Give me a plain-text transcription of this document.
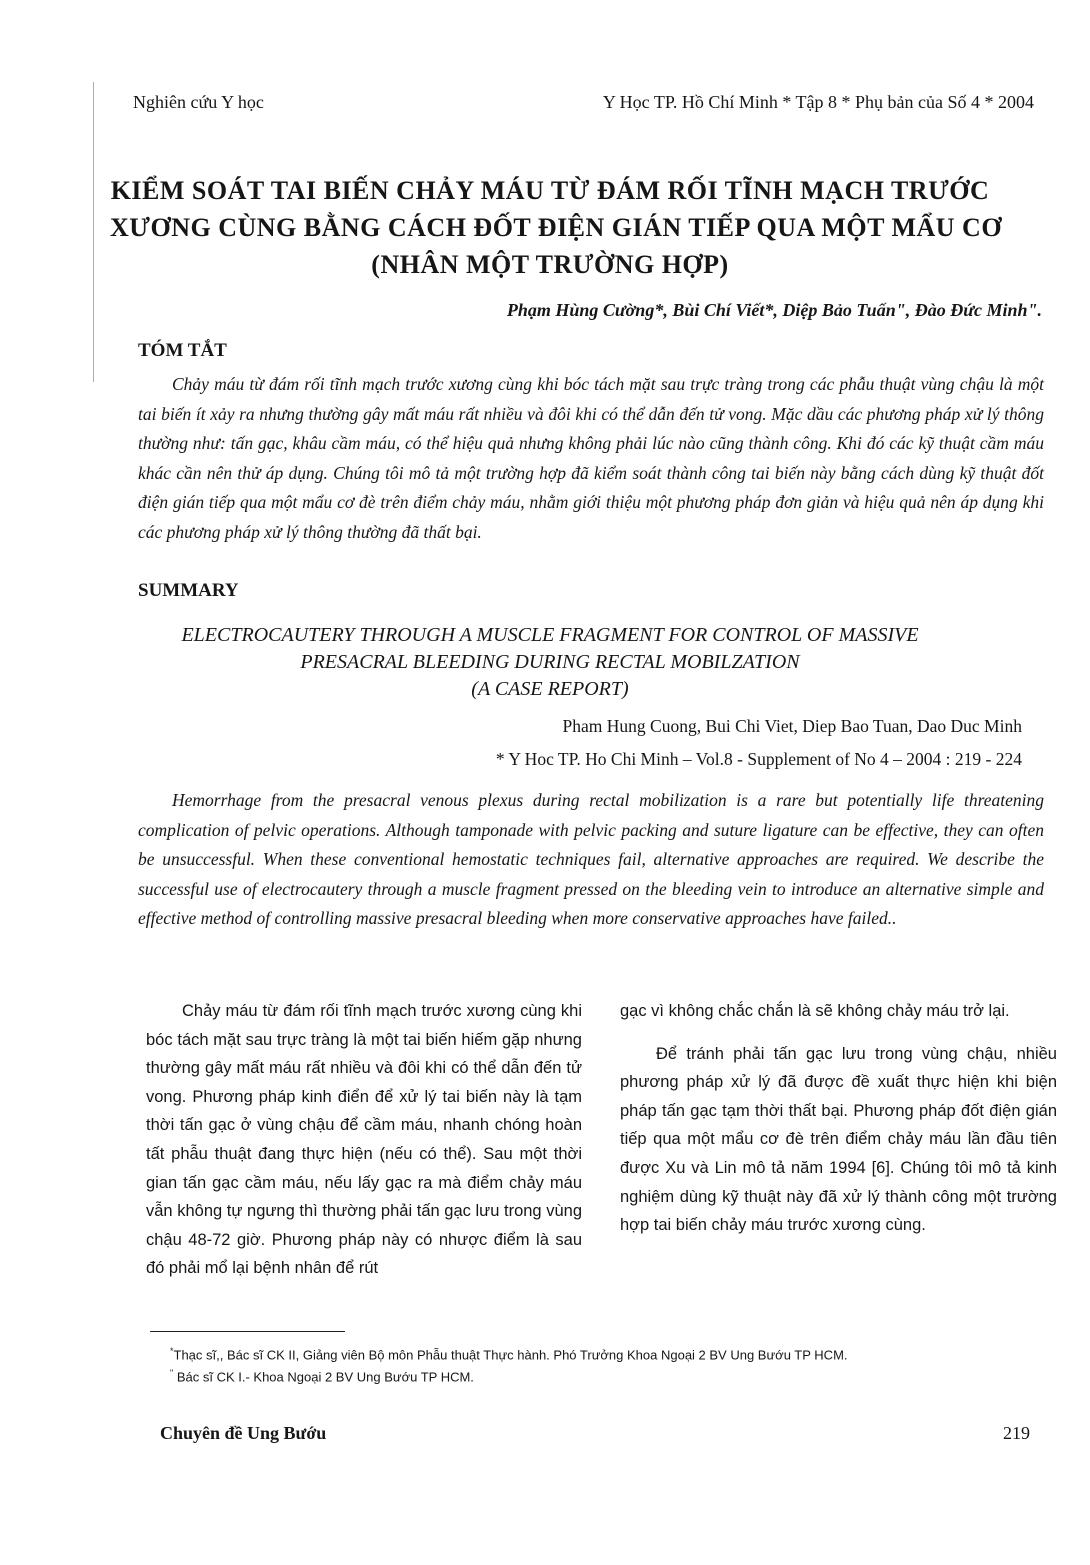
Nghiên cứu Y học	Y Học TP. Hồ Chí Minh * Tập 8 * Phụ bản của Số 4 * 2004
KIỂM SOÁT TAI BIẾN CHẢY MÁU TỪ ĐÁM RỐI TĨNH MẠCH TRƯỚC
XƯƠNG CÙNG BẰNG CÁCH ĐỐT ĐIỆN GIÁN TIẾP QUA MỘT MẨU CƠ
(NHÂN MỘT TRƯỜNG HỢP)
Phạm Hùng Cường*, Bùi Chí Viết*, Diệp Bảo Tuấn", Đào Đức Minh".
TÓM TẮT
Chảy máu từ đám rối tĩnh mạch trước xương cùng khi bóc tách mặt sau trực tràng trong các phẫu thuật vùng chậu là một tai biến ít xảy ra nhưng thường gây mất máu rất nhiều và đôi khi có thể dẫn đến tử vong. Mặc dầu các phương pháp xử lý thông thường như: tấn gạc, khâu cầm máu, có thể hiệu quả nhưng không phải lúc nào cũng thành công. Khi đó các kỹ thuật cầm máu khác cần nên thử áp dụng. Chúng tôi mô tả một trường hợp đã kiểm soát thành công tai biến này bằng cách dùng kỹ thuật đốt điện gián tiếp qua một mẩu cơ đè trên điểm chảy máu, nhằm giới thiệu một phương pháp đơn giản và hiệu quả nên áp dụng khi các phương pháp xử lý thông thường đã thất bại.
SUMMARY
ELECTROCAUTERY THROUGH A MUSCLE FRAGMENT FOR CONTROL OF MASSIVE
PRESACRAL BLEEDING DURING RECTAL MOBILZATION
(A CASE REPORT)
Pham Hung Cuong, Bui Chi Viet, Diep Bao Tuan, Dao Duc Minh
* Y Hoc TP. Ho Chi Minh – Vol.8 - Supplement of No 4 – 2004 : 219 - 224
Hemorrhage from the presacral venous plexus during rectal mobilization is a rare but potentially life threatening complication of pelvic operations. Although tamponade with pelvic packing and suture ligature can be effective, they can often be unsuccessful. When these conventional hemostatic techniques fail, alternative approaches are required. We describe the successful use of electrocautery through a muscle fragment pressed on the bleeding vein to introduce an alternative simple and effective method of controlling massive presacral bleeding when more conservative approaches have failed..

Chảy máu từ đám rối tĩnh mạch trước xương cùng khi bóc tách mặt sau trực tràng là một tai biến hiếm gặp nhưng thường gây mất máu rất nhiều và đôi khi có thể dẫn đến tử vong. Phương pháp kinh điển để xử lý tai biến này là tạm thời tấn gạc ở vùng chậu để cầm máu, nhanh chóng hoàn tất phẫu thuật đang thực hiện (nếu có thể). Sau một thời gian tấn gạc cầm máu, nếu lấy gạc ra mà điểm chảy máu vẫn không tự ngưng thì thường phải tấn gạc lưu trong vùng chậu 48-72 giờ. Phương pháp này có nhược điểm là sau đó phải mổ lại bệnh nhân để rút

gạc vì không chắc chắn là sẽ không chảy máu trở lại.

Để tránh phải tấn gạc lưu trong vùng chậu, nhiều phương pháp xử lý đã được đề xuất thực hiện khi biện pháp tấn gạc tạm thời thất bại. Phương pháp đốt điện gián tiếp qua một mẩu cơ đè trên điểm chảy máu lần đầu tiên được Xu và Lin mô tả năm 1994 [6]. Chúng tôi mô tả kinh nghiệm dùng kỹ thuật này đã xử lý thành công một trường hợp tai biến chảy máu trước xương cùng.

*Thạc sĩ,, Bác sĩ CK II, Giảng viên Bộ môn Phẫu thuật Thực hành. Phó Trưởng Khoa Ngoại 2 BV Ung Bướu TP HCM.
" Bác sĩ CK I.- Khoa Ngoại 2 BV Ung Bướu TP HCM.
Chuyên đề Ung Bướu	219
